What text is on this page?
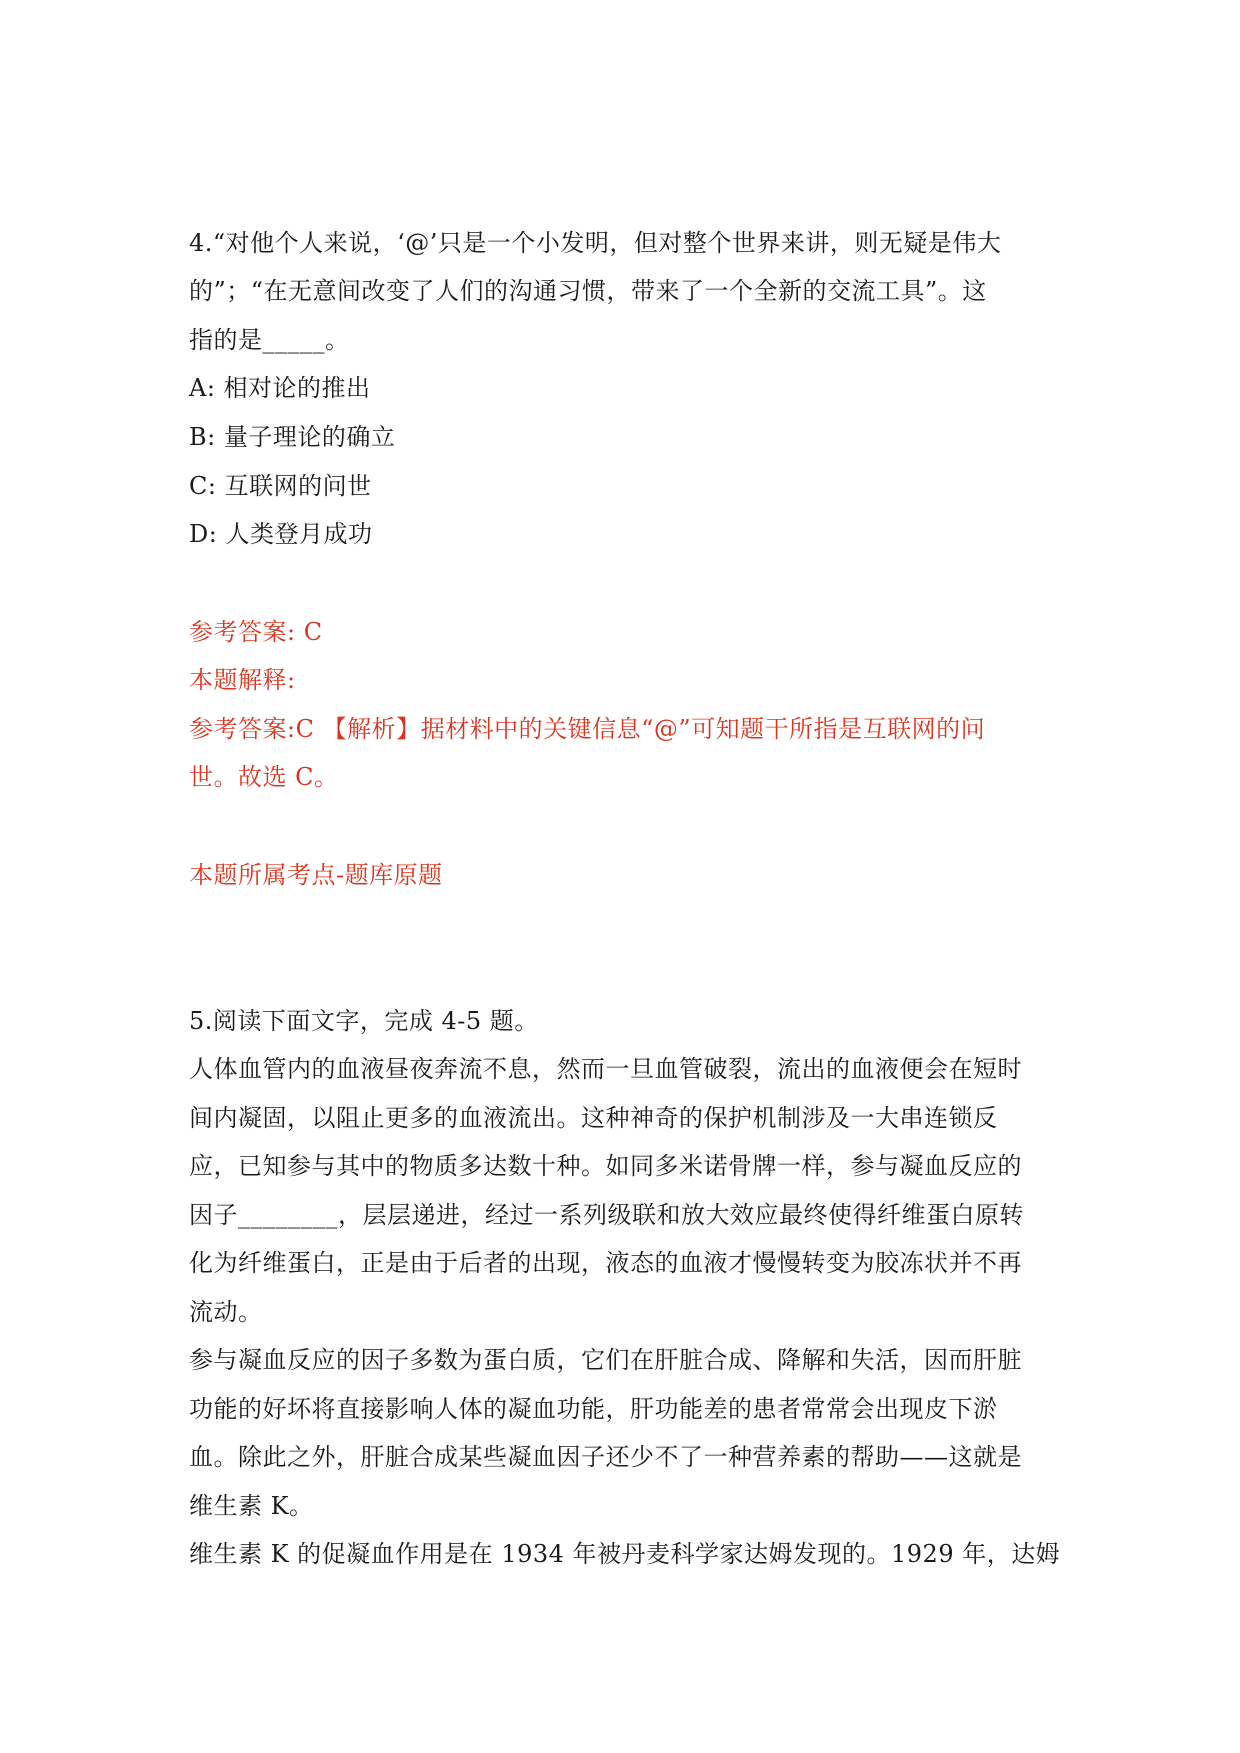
4.“对他个人来说，‘@’只是一个小发明，但对整个世界来讲，则无疑是伟大
的”；“在无意间改变了人们的沟通习惯，带来了一个全新的交流工具”。这
指的是_____。
A: 相对论的推出
B: 量子理论的确立
C: 互联网的问世
D: 人类登月成功
参考答案: C
本题解释:
参考答案:C 【解析】据材料中的关键信息“@”可知题干所指是互联网的问
世。故选 C。
本题所属考点-题库原题
5.阅读下面文字，完成 4-5 题。
人体血管内的血液昼夜奔流不息，然而一旦血管破裂，流出的血液便会在短时
间内凝固，以阻止更多的血液流出。这种神奇的保护机制涉及一大串连锁反
应，已知参与其中的物质多达数十种。如同多米诺骨牌一样，参与凝血反应的
因子________，层层递进，经过一系列级联和放大效应最终使得纤维蛋白原转
化为纤维蛋白，正是由于后者的出现，液态的血液才慢慢转变为胶冻状并不再
流动。
参与凝血反应的因子多数为蛋白质，它们在肝脏合成、降解和失活，因而肝脏
功能的好坏将直接影响人体的凝血功能，肝功能差的患者常常会出现皮下淤
血。除此之外，肝脏合成某些凝血因子还少不了一种营养素的帮助——这就是
维生素 K。
维生素 K 的促凝血作用是在 1934 年被丹麦科学家达姆发现的。1929 年，达姆
